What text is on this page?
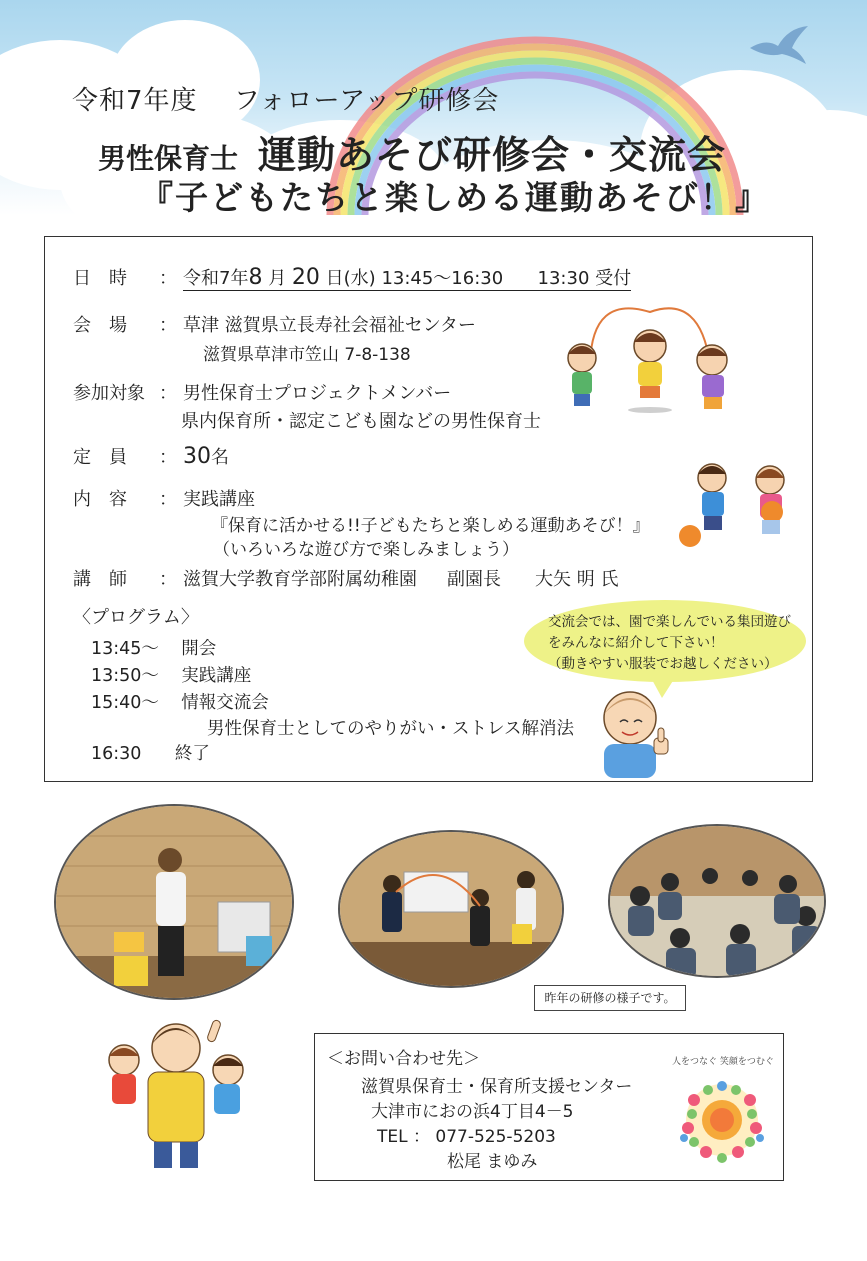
令和7年度　 フォローアップ研修会
男性保育士 運動あそび研修会・交流会
『子どもたちと楽しめる運動あそび！』
日　時 ： 令和7年8 月 20 日(水) 13:45～16:30 13:30 受付
会　場 ： 草津 滋賀県立長寿社会福祉センター
滋賀県草津市笠山 7-8-138
参加対象 ： 男性保育士プロジェクトメンバー
県内保育所・認定こども園などの男性保育士
定　員 ： 30名
内　容 ： 実践講座
『保育に活かせる!!子どもたちと楽しめる運動あそび！』
（いろいろな遊び方で楽しみましょう）
講　師 ： 滋賀大学教育学部附属幼稚園 副園長 大矢 明 氏
〈プログラム〉
13:45～ 開会
13:50～ 実践講座
15:40～ 情報交流会
男性保育士としてのやりがい・ストレス解消法
16:30 終了
交流会では、園で楽しんでいる集団遊び
をみんなに紹介して下さい！
（動きやすい服装でお越しください）
昨年の研修の様子です。
＜お問い合わせ先＞
滋賀県保育士・保育所支援センター
大津市におの浜4丁目4－5
TEL ： 077-525-5203
松尾 まゆみ
人をつなぐ 笑顔をつむぐ
